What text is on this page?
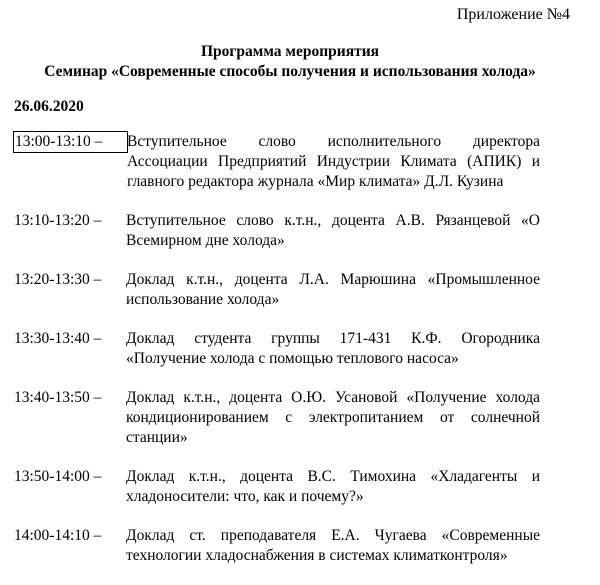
Приложение №4
Программа мероприятия
Семинар «Современные способы получения и использования холода»
26.06.2020
13:00-13:10 –	Вступительное слово исполнительного директора Ассоциации Предприятий Индустрии Климата (АПИК) и главного редактора журнала «Мир климата» Д.Л. Кузина
13:10-13:20 –	Вступительное слово к.т.н., доцента А.В. Рязанцевой «О Всемирном дне холода»
13:20-13:30 –	Доклад к.т.н., доцента Л.А. Марюшина «Промышленное использование холода»
13:30-13:40 –	Доклад студента группы 171-431 К.Ф. Огородника «Получение холода с помощью теплового насоса»
13:40-13:50 –	Доклад к.т.н., доцента О.Ю. Усановой «Получение холода кондиционированием с электропитанием от солнечной станции»
13:50-14:00 –	Доклад к.т.н., доцента В.С. Тимохина «Хладагенты и хладоносители: что, как и почему?»
14:00-14:10 –	Доклад ст. преподавателя Е.А. Чугаева «Современные технологии хладоснабжения в системах климатконтроля»
